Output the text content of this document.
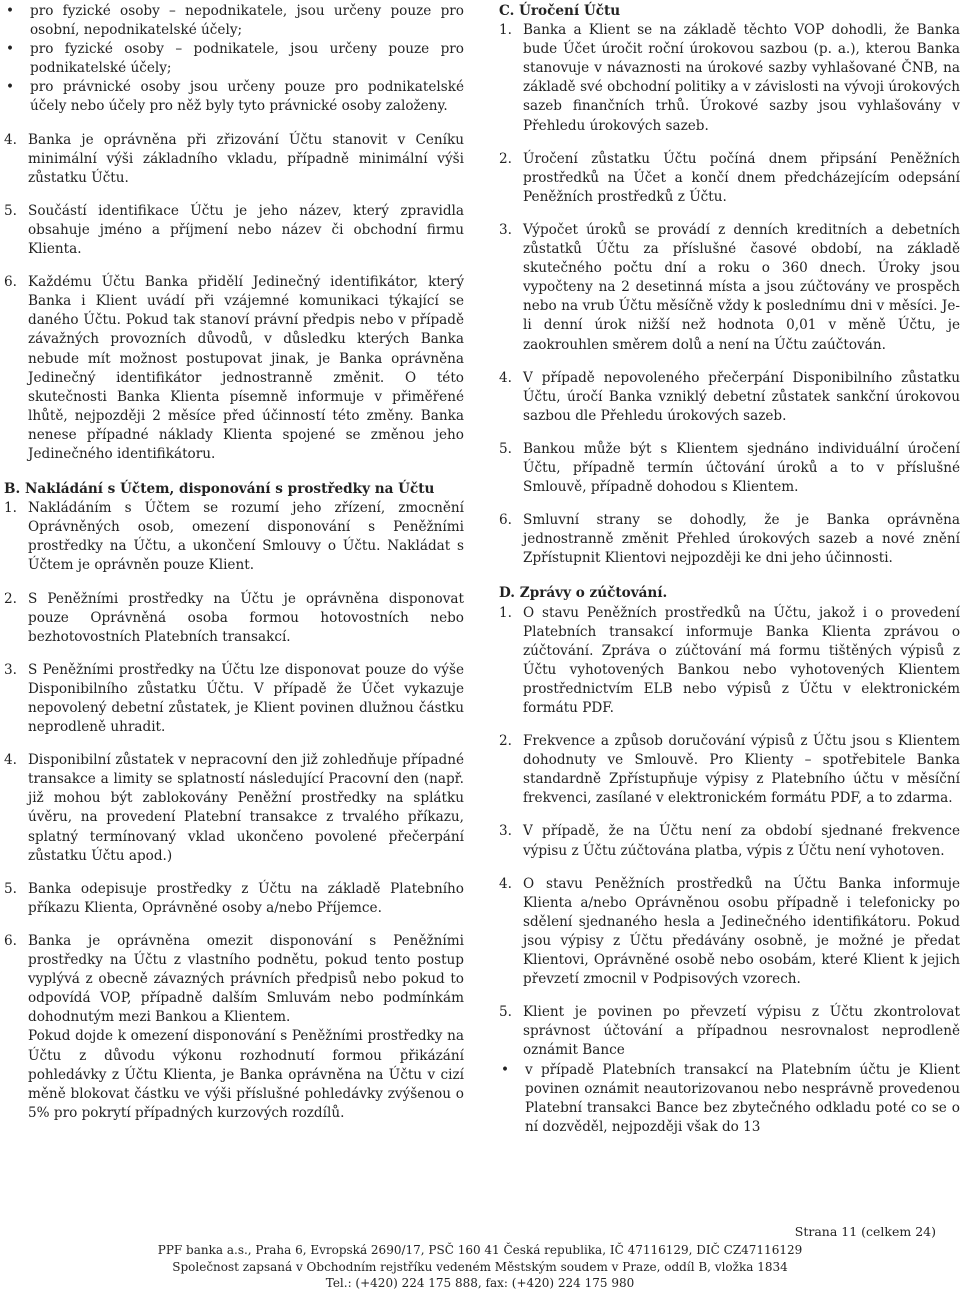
• pro fyzické osoby – nepodnikatele, jsou určeny pouze pro osobní, nepodnikatelské účely;

• pro fyzické osoby – podnikatele, jsou určeny pouze pro podnikatelské účely;

• pro právnické osoby jsou určeny pouze pro podnikatelské účely nebo účely pro něž byly tyto právnické osoby založeny.

4. Banka je oprávněna při zřizování Účtu stanovit v Ceníku minimální výši základního vkladu, případně minimální výši zůstatku Účtu.

5. Součástí identifikace Účtu je jeho název, který zpravidla obsahuje jméno a příjmení nebo název či obchodní firmu Klienta.

6. Každému Účtu Banka přidělí Jedinečný identifikátor, který Banka i Klient uvádí při vzájemné komunikaci týkající se daného Účtu. Pokud tak stanoví právní předpis nebo v případě závažných provozních důvodů, v důsledku kterých Banka nebude mít možnost postupovat jinak, je Banka oprávněna Jedinečný identifikátor jednostranně změnit. O této skutečnosti Banka Klienta písemně informuje v přiměřené lhůtě, nejpozději 2 měsíce před účinností této změny. Banka nenese případné náklady Klienta spojené se změnou jeho Jedinečného identifikátoru.

B. Nakládání s Účtem, disponování s prostředky na Účtu

1. Nakládáním s Účtem se rozumí jeho zřízení, zmocnění Oprávněných osob, omezení disponování s Peněžními prostředky na Účtu, a ukončení Smlouvy o Účtu. Nakládat s Účtem je oprávněn pouze Klient.

2. S Peněžními prostředky na Účtu je oprávněna disponovat pouze Oprávněná osoba formou hotovostních nebo bezhotovostních Platebních transakcí.

3. S Peněžními prostředky na Účtu lze disponovat pouze do výše Disponibilního zůstatku Účtu. V případě že Účet vykazuje nepovolený debetní zůstatek, je Klient povinen dlužnou částku neprodleně uhradit.

4. Disponibilní zůstatek v nepracovní den již zohledňuje případné transakce a limity se splatností následující Pracovní den (např. již mohou být zablokovány Peněžní prostředky na splátku úvěru, na provedení Platební transakce z trvalého příkazu, splatný termínovaný vklad ukončeno povolené přečerpání zůstatku Účtu apod.)

5. Banka odepisuje prostředky z Účtu na základě Platebního příkazu Klienta, Oprávněné osoby a/nebo Příjemce.

6. Banka je oprávněna omezit disponování s Peněžními prostředky na Účtu z vlastního podnětu, pokud tento postup vyplývá z obecně závazných právních předpisů nebo pokud to odpovídá VOP, případně dalším Smluvám nebo podmínkám dohodnutým mezi Bankou a Klientem.

Pokud dojde k omezení disponování s Peněžními prostředky na Účtu z důvodu výkonu rozhodnutí formou přikázání pohledávky z Účtu Klienta, je Banka oprávněna na Účtu v cizí měně blokovat částku ve výši příslušné pohledávky zvýšenou o 5% pro pokrytí případných kurzových rozdílů.

C. Úročení Účtu

1. Banka a Klient se na základě těchto VOP dohodli, že Banka bude Účet úročit roční úrokovou sazbou (p. a.), kterou Banka stanovuje v návaznosti na úrokové sazby vyhlašované ČNB, na základě své obchodní politiky a v závislosti na vývoji úrokových sazeb finančních trhů. Úrokové sazby jsou vyhlašovány v Přehledu úrokových sazeb.

2. Úročení zůstatku Účtu počíná dnem připsání Peněžních prostředků na Účet a končí dnem předcházejícím odepsání Peněžních prostředků z Účtu.

3. Výpočet úroků se provádí z denních kreditních a debetních zůstatků Účtu za příslušné časové období, na základě skutečného počtu dní a roku o 360 dnech. Úroky jsou vypočteny na 2 desetinná místa a jsou zúčtovány ve prospěch nebo na vrub Účtu měsíčně vždy k poslednímu dni v měsíci. Je-li denní úrok nižší než hodnota 0,01 v měně Účtu, je zaokrouhlen směrem dolů a není na Účtu zaúčtován.

4. V případě nepovoleného přečerpání Disponibilního zůstatku Účtu, úročí Banka vzniklý debetní zůstatek sankční úrokovou sazbou dle Přehledu úrokových sazeb.

5. Bankou může být s Klientem sjednáno individuální úročení Účtu, případně termín účtování úroků a to v příslušné Smlouvě, případně dohodou s Klientem.

6. Smluvní strany se dohodly, že je Banka oprávněna jednostranně změnit Přehled úrokových sazeb a nové znění Zpřístupnit Klientovi nejpozději ke dni jeho účinnosti.

D. Zprávy o zúčtování.

1. O stavu Peněžních prostředků na Účtu, jakož i o provedení Platebních transakcí informuje Banka Klienta zprávou o zúčtování. Zpráva o zúčtování má formu tištěných výpisů z Účtu vyhotovených Bankou nebo vyhotovených Klientem prostřednictvím ELB nebo výpisů z Účtu v elektronickém formátu PDF.

2. Frekvence a způsob doručování výpisů z Účtu jsou s Klientem dohodnuty ve Smlouvě. Pro Klienty – spotřebitele Banka standardně Zpřístupňuje výpisy z Platebního účtu v měsíční frekvenci, zasílané v elektronickém formátu PDF, a to zdarma.

3. V případě, že na Účtu není za období sjednané frekvence výpisu z Účtu zúčtována platba, výpis z Účtu není vyhotoven.

4. O stavu Peněžních prostředků na Účtu Banka informuje Klienta a/nebo Oprávněnou osobu případně i telefonicky po sdělení sjednaného hesla a Jedinečného identifikátoru. Pokud jsou výpisy z Účtu předávány osobně, je možné je předat Klientovi, Oprávněné osobě nebo osobám, které Klient k jejich převzetí zmocnil v Podpisových vzorech.

5. Klient je povinen po převzetí výpisu z Účtu zkontrolovat správnost účtování a případnou nesrovnalost neprodleně oznámit Bance

• v případě Platebních transakcí na Platebním účtu je Klient povinen oznámit neautorizovanou nebo nesprávně provedenou Platební transakci Bance bez zbytečného odkladu poté co se o ní dozvěděl, nejpozději však do 13

Strana 11 (celkem 24)
PPF banka a.s., Praha 6, Evropská 2690/17, PSČ 160 41 Česká republika, IČ 47116129, DIČ CZ47116129
Společnost zapsaná v Obchodním rejstříku vedeném Městským soudem v Praze, oddíl B, vložka 1834
Tel.: (+420) 224 175 888, fax: (+420) 224 175 980
